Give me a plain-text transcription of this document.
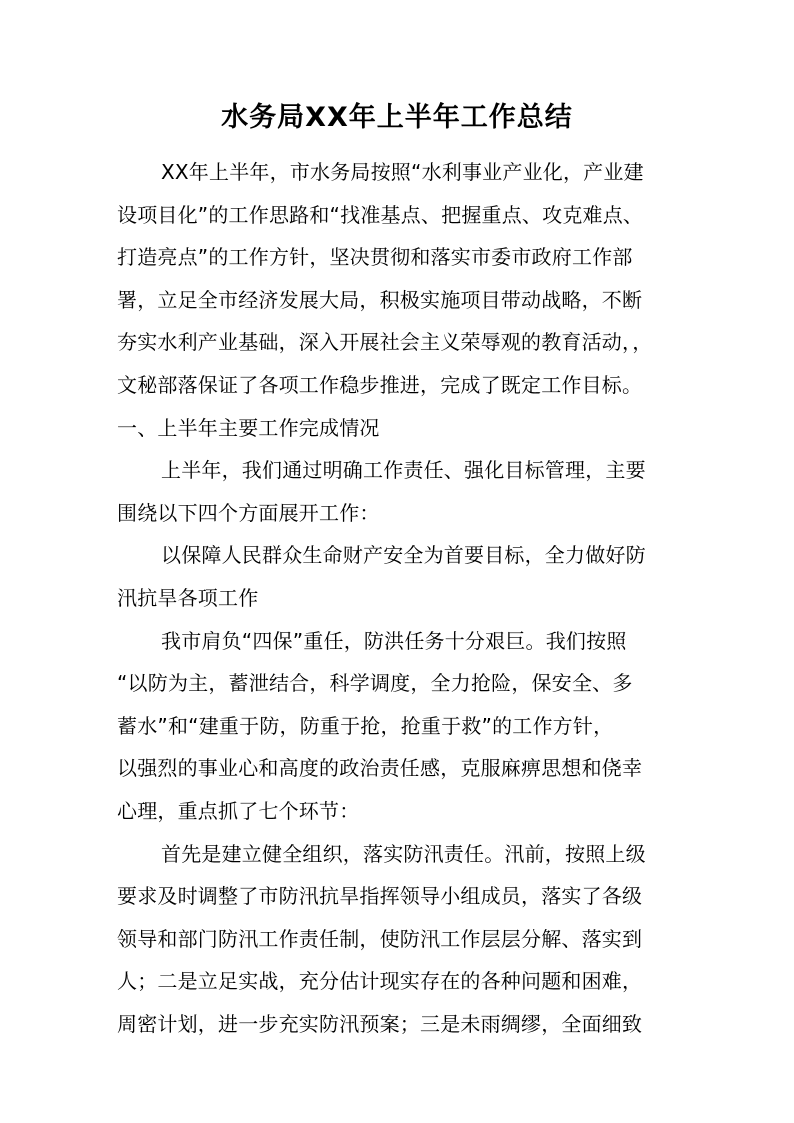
水务局XX年上半年工作总结
XX年上半年，市水务局按照“水利事业产业化，产业建
设项目化”的工作思路和“找准基点、把握重点、攻克难点、
打造亮点”的工作方针，坚决贯彻和落实市委市政府工作部
署，立足全市经济发展大局，积极实施项目带动战略，不断
夯实水利产业基础，深入开展社会主义荣辱观的教育活动，，
文秘部落保证了各项工作稳步推进，完成了既定工作目标。
一、上半年主要工作完成情况
上半年，我们通过明确工作责任、强化目标管理，主要
围绕以下四个方面展开工作：
以保障人民群众生命财产安全为首要目标，全力做好防
汛抗旱各项工作
我市肩负“四保”重任，防洪任务十分艰巨。我们按照
“以防为主，蓄泄结合，科学调度，全力抢险，保安全、多
蓄水”和“建重于防，防重于抢，抢重于救”的工作方针，
以强烈的事业心和高度的政治责任感，克服麻痹思想和侥幸
心理，重点抓了七个环节：
首先是建立健全组织，落实防汛责任。汛前，按照上级
要求及时调整了市防汛抗旱指挥领导小组成员，落实了各级
领导和部门防汛工作责任制，使防汛工作层层分解、落实到
人；二是立足实战，充分估计现实存在的各种问题和困难，
周密计划，进一步充实防汛预案；三是未雨绸缪，全面细致
